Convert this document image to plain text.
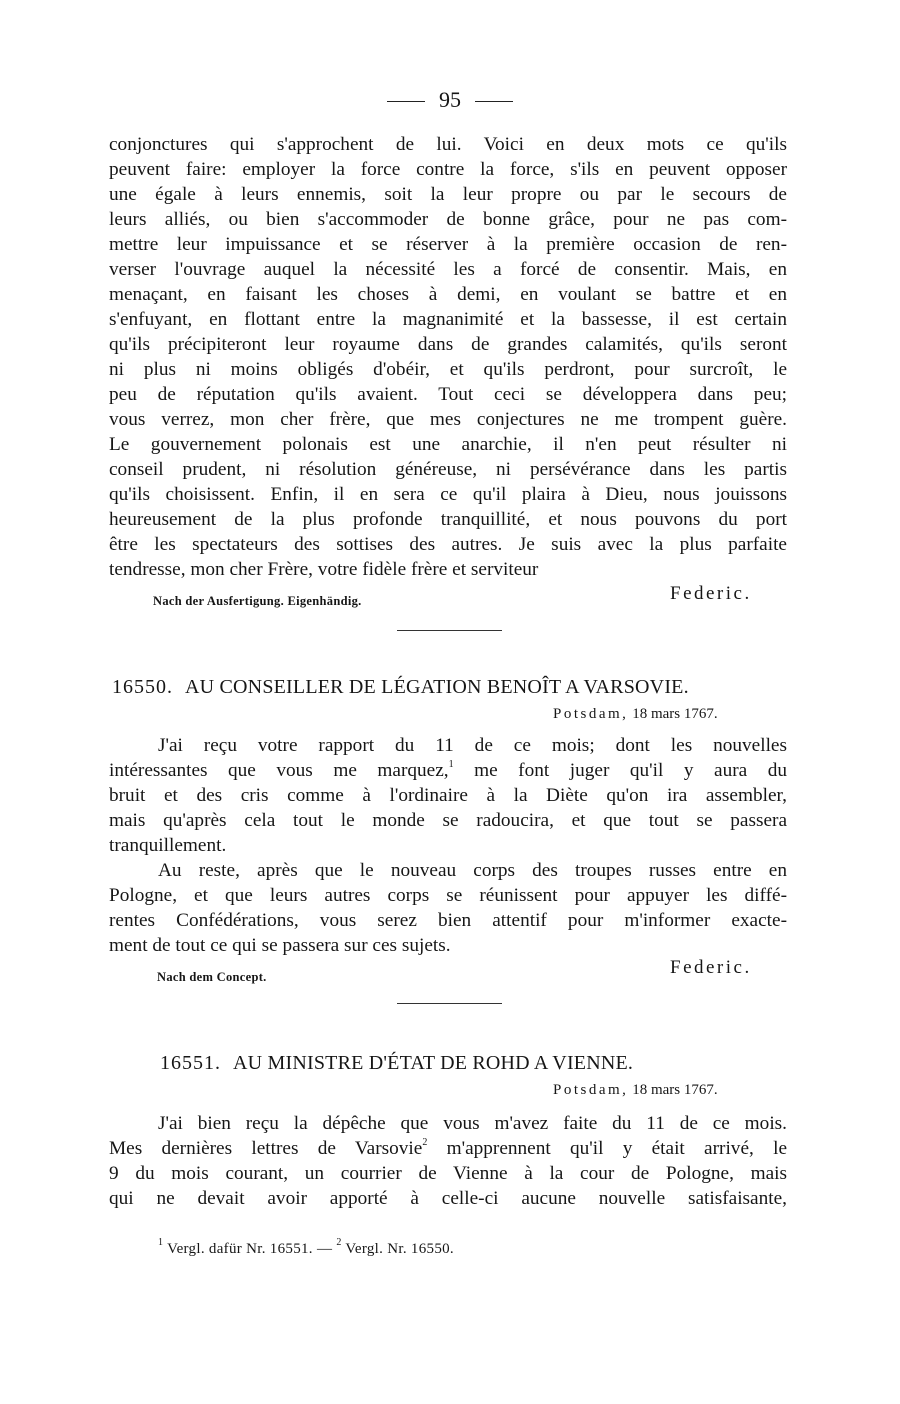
95
conjonctures qui s'approchent de lui. Voici en deux mots ce qu'ils
peuvent faire: employer la force contre la force, s'ils en peuvent opposer
une égale à leurs ennemis, soit la leur propre ou par le secours de
leurs alliés, ou bien s'accommoder de bonne grâce, pour ne pas com-
mettre leur impuissance et se réserver à la première occasion de ren-
verser l'ouvrage auquel la nécessité les a forcé de consentir. Mais, en
menaçant, en faisant les choses à demi, en voulant se battre et en
s'enfuyant, en flottant entre la magnanimité et la bassesse, il est certain
qu'ils précipiteront leur royaume dans de grandes calamités, qu'ils seront
ni plus ni moins obligés d'obéir, et qu'ils perdront, pour surcroît, le
peu de réputation qu'ils avaient. Tout ceci se développera dans peu;
vous verrez, mon cher frère, que mes conjectures ne me trompent guère.
Le gouvernement polonais est une anarchie, il n'en peut résulter ni
conseil prudent, ni résolution généreuse, ni persévérance dans les partis
qu'ils choisissent. Enfin, il en sera ce qu'il plaira à Dieu, nous jouissons
heureusement de la plus profonde tranquillité, et nous pouvons du port
être les spectateurs des sottises des autres. Je suis avec la plus parfaite
tendresse, mon cher Frère, votre fidèle frère et serviteur
Nach der Ausfertigung. Eigenhändig.	Federic.
16550. AU CONSEILLER DE LÉGATION BENOÎT A VARSOVIE.
Potsdam, 18 mars 1767.
J'ai reçu votre rapport du 11 de ce mois; dont les nouvelles
intéressantes que vous me marquez,$^1$ me font juger qu'il y aura du
bruit et des cris comme à l'ordinaire à la Diète qu'on ira assembler,
mais qu'après cela tout le monde se radoucira, et que tout se passera
tranquillement.
Au reste, après que le nouveau corps des troupes russes entre en
Pologne, et que leurs autres corps se réunissent pour appuyer les diffé-
rentes Confédérations, vous serez bien attentif pour m'informer exacte-
ment de tout ce qui se passera sur ces sujets.
Nach dem Concept.	Federic.
16551. AU MINISTRE D'ÉTAT DE ROHD A VIENNE.
Potsdam, 18 mars 1767.
J'ai bien reçu la dépêche que vous m'avez faite du 11 de ce mois.
Mes dernières lettres de Varsovie$^2$ m'apprennent qu'il y était arrivé, le
9 du mois courant, un courrier de Vienne à la cour de Pologne, mais
qui ne devait avoir apporté à celle-ci aucune nouvelle satisfaisante,
$^1$ Vergl. dafür Nr. 16551. — $^2$ Vergl. Nr. 16550.
